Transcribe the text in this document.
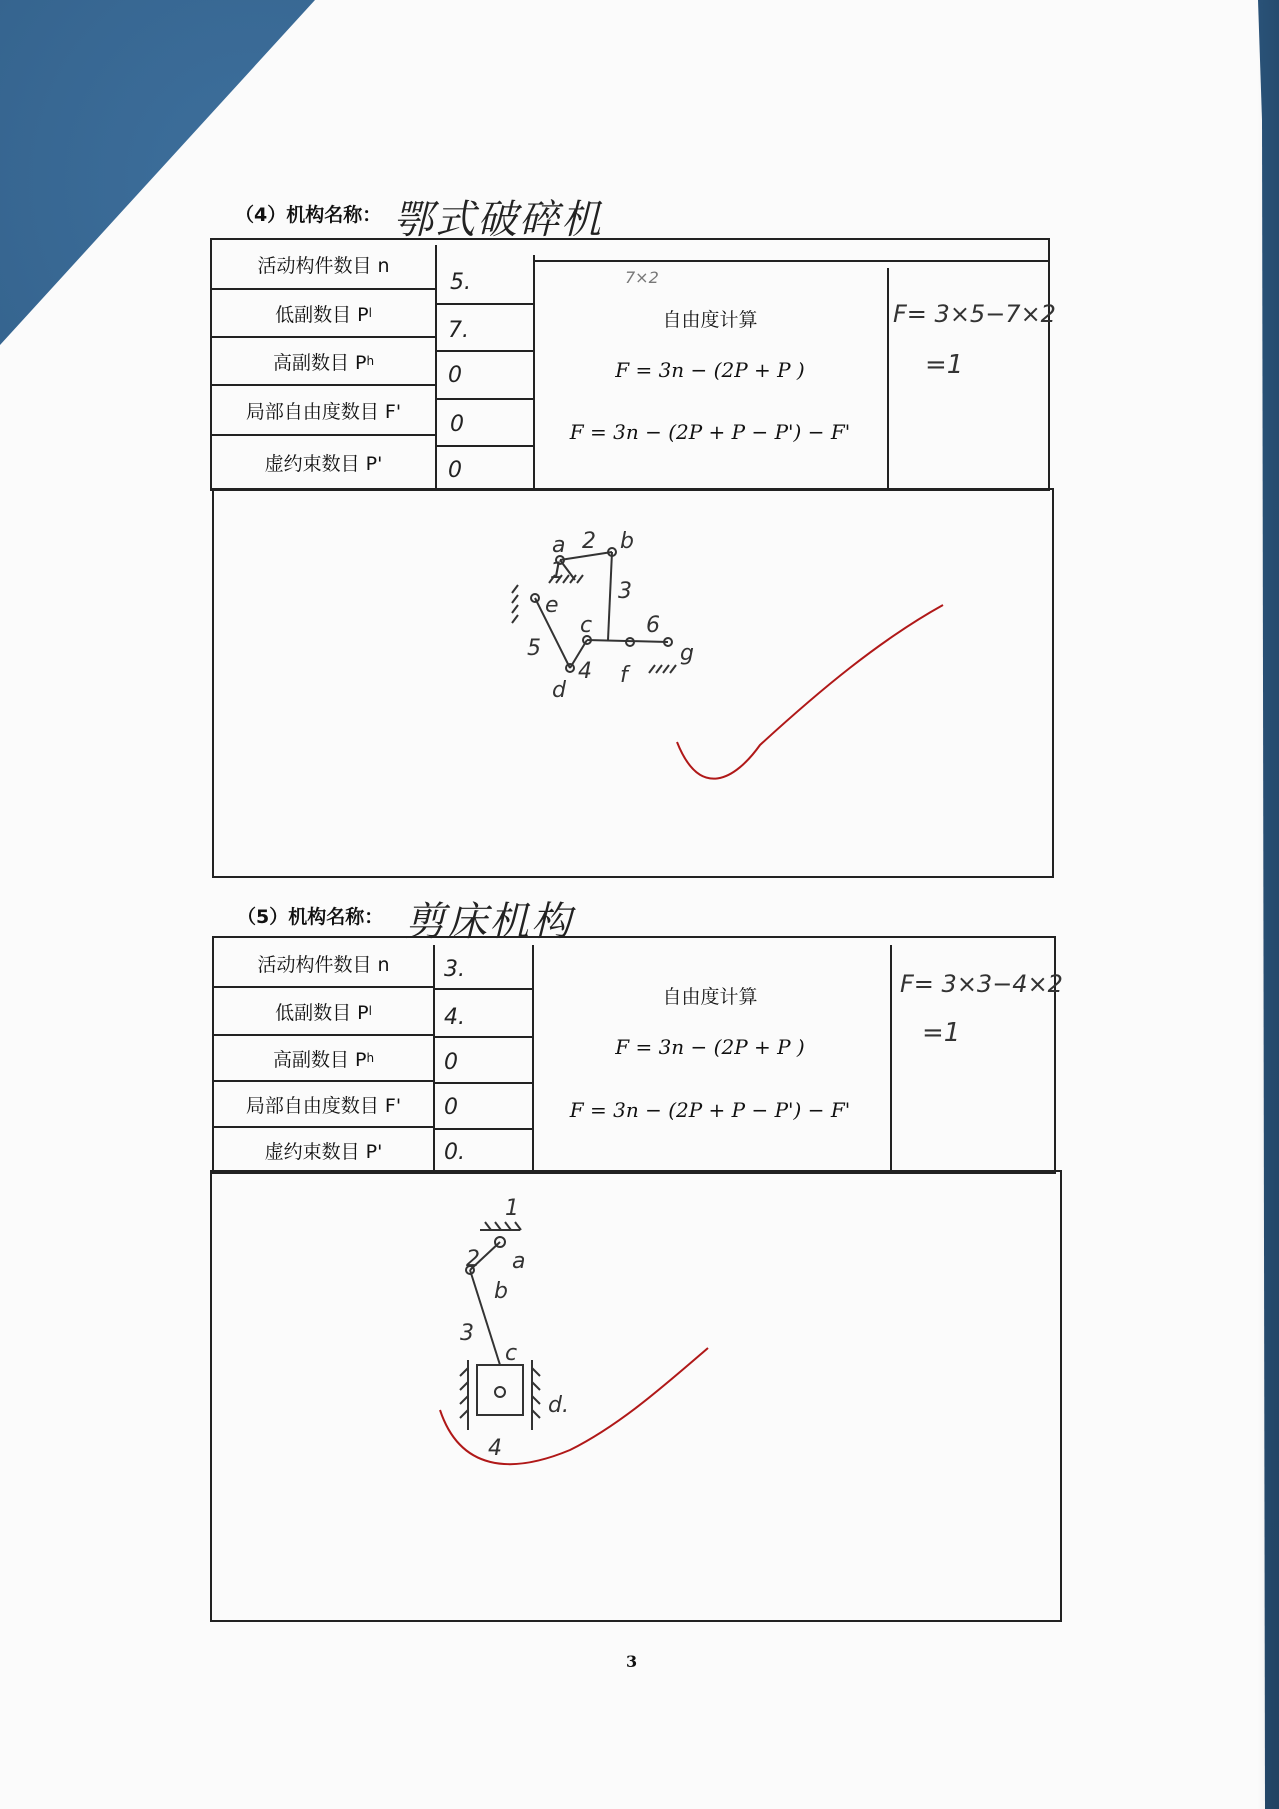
（4）机构名称： 鄂式破碎机
活动构件数目 n
低副数目 P l
高副数目 P h
局部自由度数目 F'
虚约束数目 P'
5.
7.
0
0
0
7×2
自由度计算
F = 3n − (2P + P )
F = 3n − (2P + P − P') − F'
F= 3×5−7×2
=1
a 2 b
1
3
e
c 6
5
4 f
g
d
（5）机构名称： 剪床机构
活动构件数目 n
低副数目 P l
高副数目 P h
局部自由度数目 F'
虚约束数目 P'
3.
4.
0
0
0.
自由度计算
F = 3n − (2P + P )
F = 3n − (2P + P − P') − F'
F= 3×3−4×2
=1
1
a
2
b
3
c
d.
4
3
